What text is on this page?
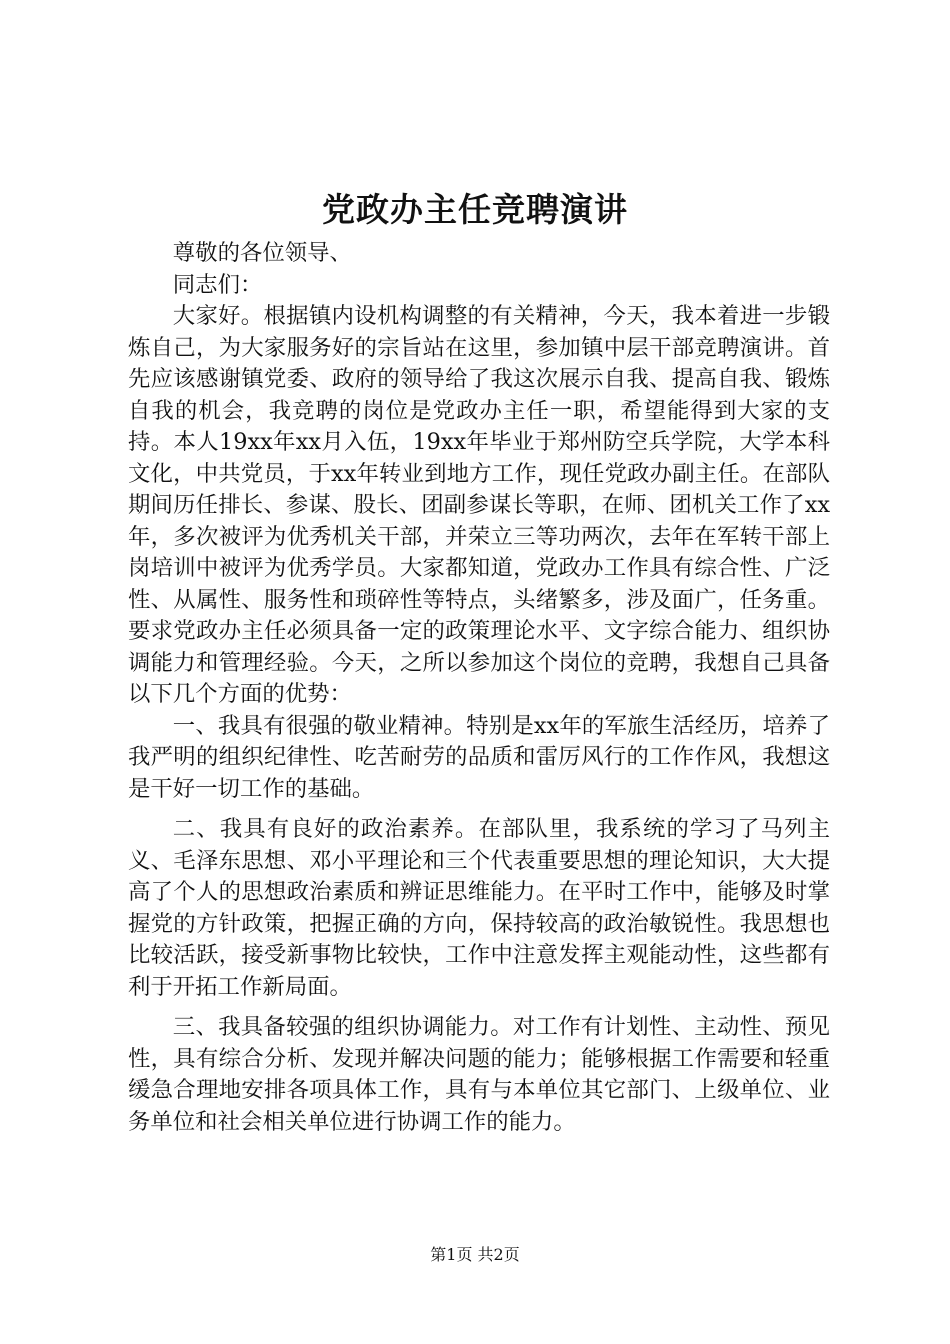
党政办主任竞聘演讲

尊敬的各位领导、

同志们：

大家好。根据镇内设机构调整的有关精神，今天，我本着进一步锻炼自己，为大家服务好的宗旨站在这里，参加镇中层干部竞聘演讲。首先应该感谢镇党委、政府的领导给了我这次展示自我、提高自我、锻炼自我的机会，我竞聘的岗位是党政办主任一职，希望能得到大家的支持。本人19xx年xx月入伍，19xx年毕业于郑州防空兵学院，大学本科文化，中共党员，于xx年转业到地方工作，现任党政办副主任。在部队期间历任排长、参谋、股长、团副参谋长等职，在师、团机关工作了xx年，多次被评为优秀机关干部，并荣立三等功两次，去年在军转干部上岗培训中被评为优秀学员。大家都知道，党政办工作具有综合性、广泛性、从属性、服务性和琐碎性等特点，头绪繁多，涉及面广，任务重。要求党政办主任必须具备一定的政策理论水平、文字综合能力、组织协调能力和管理经验。今天，之所以参加这个岗位的竞聘，我想自己具备以下几个方面的优势：

一、我具有很强的敬业精神。特别是xx年的军旅生活经历，培养了我严明的组织纪律性、吃苦耐劳的品质和雷厉风行的工作作风，我想这是干好一切工作的基础。

二、我具有良好的政治素养。在部队里，我系统的学习了马列主义、毛泽东思想、邓小平理论和三个代表重要思想的理论知识，大大提高了个人的思想政治素质和辨证思维能力。在平时工作中，能够及时掌握党的方针政策，把握正确的方向，保持较高的政治敏锐性。我思想也比较活跃，接受新事物比较快，工作中注意发挥主观能动性，这些都有利于开拓工作新局面。

三、我具备较强的组织协调能力。对工作有计划性、主动性、预见性，具有综合分析、发现并解决问题的能力；能够根据工作需要和轻重缓急合理地安排各项具体工作，具有与本单位其它部门、上级单位、业务单位和社会相关单位进行协调工作的能力。

第1页 共2页
